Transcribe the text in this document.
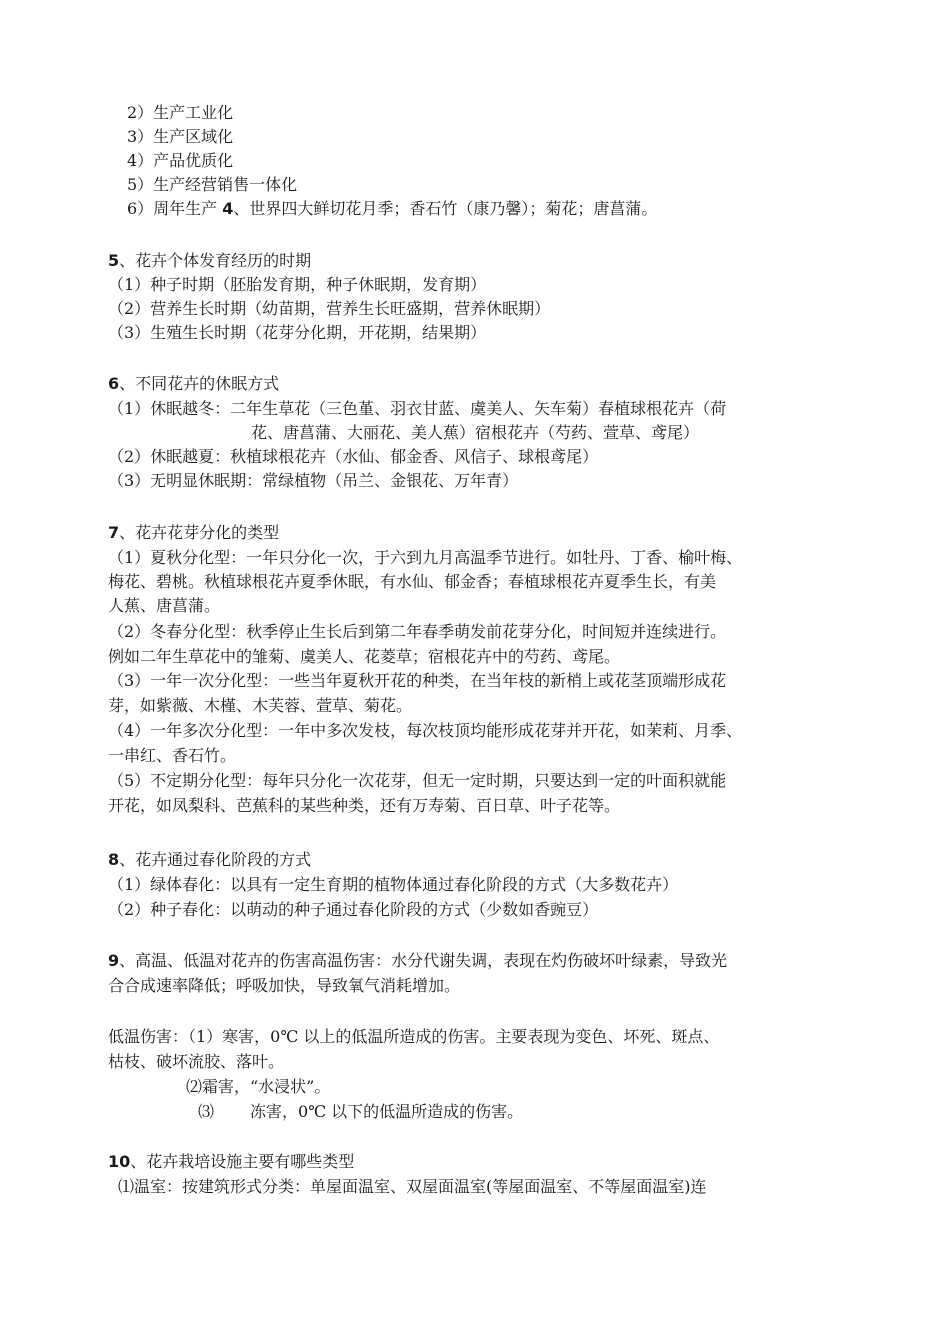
2）生产工业化
3）生产区域化
4）产品优质化
5）生产经营销售一体化
6）周年生产 4、世界四大鲜切花月季；香石竹（康乃馨）；菊花；唐菖蒲。
5、花卉个体发育经历的时期
（1）种子时期（胚胎发育期，种子休眠期，发育期）
（2）营养生长时期（幼苗期，营养生长旺盛期，营养休眠期）
（3）生殖生长时期（花芽分化期，开花期，结果期）
6、不同花卉的休眠方式
（1）休眠越冬：二年生草花（三色堇、羽衣甘蓝、虞美人、矢车菊）春植球根花卉（荷
花、唐菖蒲、大丽花、美人蕉）宿根花卉（芍药、萱草、鸢尾）
（2）休眠越夏：秋植球根花卉（水仙、郁金香、风信子、球根鸢尾）
（3）无明显休眠期：常绿植物（吊兰、金银花、万年青）
7、花卉花芽分化的类型
（1）夏秋分化型：一年只分化一次，于六到九月高温季节进行。如牡丹、丁香、榆叶梅、
梅花、碧桃。秋植球根花卉夏季休眠，有水仙、郁金香；春植球根花卉夏季生长，有美
人蕉、唐菖蒲。
（2）冬春分化型：秋季停止生长后到第二年春季萌发前花芽分化，时间短并连续进行。
例如二年生草花中的雏菊、虞美人、花菱草；宿根花卉中的芍药、鸢尾。
（3）一年一次分化型：一些当年夏秋开花的种类，在当年枝的新梢上或花茎顶端形成花
芽，如紫薇、木槿、木芙蓉、萱草、菊花。
（4）一年多次分化型：一年中多次发枝，每次枝顶均能形成花芽并开花，如茉莉、月季、
一串红、香石竹。
（5）不定期分化型：每年只分化一次花芽，但无一定时期，只要达到一定的叶面积就能
开花，如凤梨科、芭蕉科的某些种类，还有万寿菊、百日草、叶子花等。
8、花卉通过春化阶段的方式
（1）绿体春化：以具有一定生育期的植物体通过春化阶段的方式（大多数花卉）
（2）种子春化：以萌动的种子通过春化阶段的方式（少数如香豌豆）
9、高温、低温对花卉的伤害高温伤害：水分代谢失调，表现在灼伤破坏叶绿素，导致光
合合成速率降低；呼吸加快，导致氧气消耗增加。
低温伤害：（1）寒害，0℃ 以上的低温所造成的伤害。主要表现为变色、坏死、斑点、
枯枝、破坏流胶、落叶。
⑵霜害，“水浸状”。
⑶ 冻害，0℃ 以下的低温所造成的伤害。
10、花卉栽培设施主要有哪些类型
⑴温室：按建筑形式分类：单屋面温室、双屋面温室(等屋面温室、不等屋面温室)连
